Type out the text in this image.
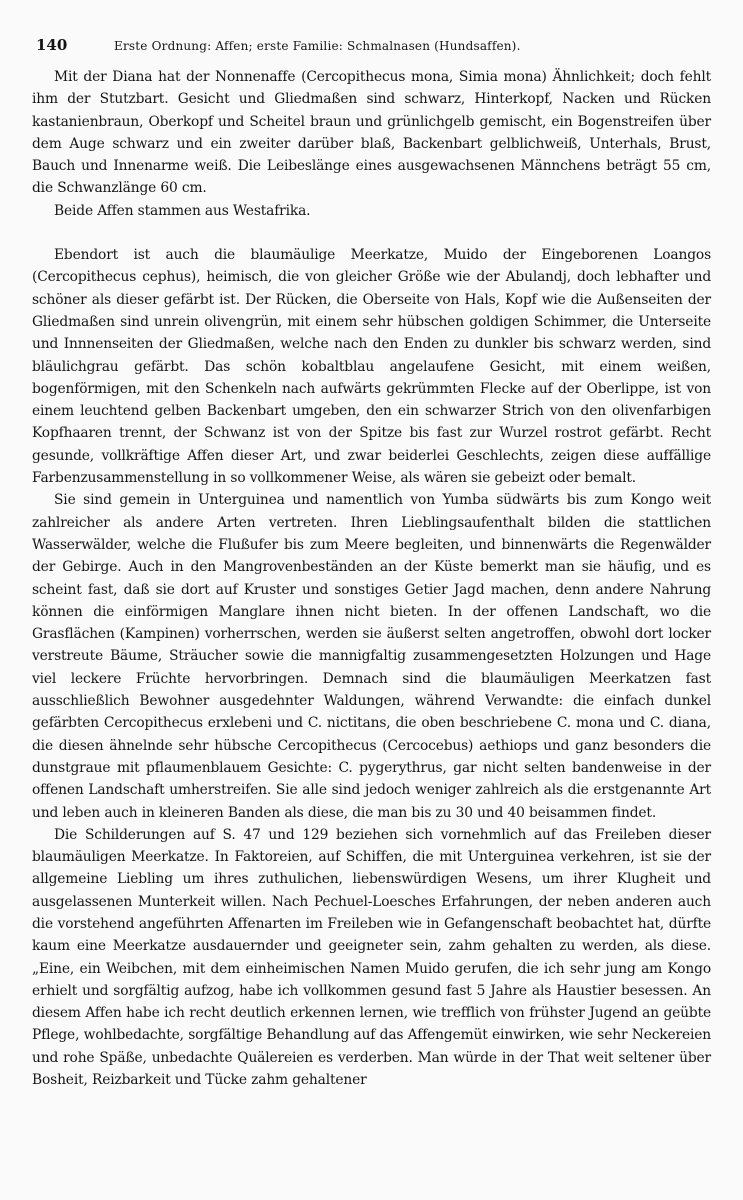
140	Erste Ordnung: Affen; erste Familie: Schmalnasen (Hundsaffen).

Mit der Diana hat der Nonnenaffe (Cercopithecus mona, Simia mona) Ähnlichkeit; doch fehlt ihm der Stutzbart. Gesicht und Gliedmaßen sind schwarz, Hinterkopf, Nacken und Rücken kastanienbraun, Oberkopf und Scheitel braun und grünlichgelb gemischt, ein Bogenstreifen über dem Auge schwarz und ein zweiter darüber blaß, Backenbart gelblichweiß, Unterhals, Brust, Bauch und Innenarme weiß. Die Leibeslänge eines ausgewachsenen Männchens beträgt 55 cm, die Schwanzlänge 60 cm.

Beide Affen stammen aus Westafrika.

Ebendort ist auch die blaumäulige Meerkatze, Muido der Eingeborenen Loangos (Cercopithecus cephus), heimisch, die von gleicher Größe wie der Abulandj, doch lebhafter und schöner als dieser gefärbt ist. Der Rücken, die Oberseite von Hals, Kopf wie die Außenseiten der Gliedmaßen sind unrein olivengrün, mit einem sehr hübschen goldigen Schimmer, die Unterseite und Innnenseiten der Gliedmaßen, welche nach den Enden zu dunkler bis schwarz werden, sind bläulichgrau gefärbt. Das schön kobaltblau angelaufene Gesicht, mit einem weißen, bogenförmigen, mit den Schenkeln nach aufwärts gekrümmten Flecke auf der Oberlippe, ist von einem leuchtend gelben Backenbart umgeben, den ein schwarzer Strich von den olivenfarbigen Kopfhaaren trennt, der Schwanz ist von der Spitze bis fast zur Wurzel rostrot gefärbt. Recht gesunde, vollkräftige Affen dieser Art, und zwar beiderlei Geschlechts, zeigen diese auffällige Farbenzusammenstellung in so vollkommener Weise, als wären sie gebeizt oder bemalt.

Sie sind gemein in Unterguinea und namentlich von Yumba südwärts bis zum Kongo weit zahlreicher als andere Arten vertreten. Ihren Lieblingsaufenthalt bilden die stattlichen Wasserwälder, welche die Flußufer bis zum Meere begleiten, und binnenwärts die Regenwälder der Gebirge. Auch in den Mangrovenbeständen an der Küste bemerkt man sie häufig, und es scheint fast, daß sie dort auf Kruster und sonstiges Getier Jagd machen, denn andere Nahrung können die einförmigen Manglare ihnen nicht bieten. In der offenen Landschaft, wo die Grasflächen (Kampinen) vorherrschen, werden sie äußerst selten angetroffen, obwohl dort locker verstreute Bäume, Sträucher sowie die mannigfaltig zusammengesetzten Holzungen und Hage viel leckere Früchte hervorbringen. Demnach sind die blaumäuligen Meerkatzen fast ausschließlich Bewohner ausgedehnter Waldungen, während Verwandte: die einfach dunkel gefärbten Cercopithecus erxlebeni und C. nictitans, die oben beschriebene C. mona und C. diana, die diesen ähnelnde sehr hübsche Cercopithecus (Cercocebus) aethiops und ganz besonders die dunstgraue mit pflaumenblauem Gesichte: C. pygerythrus, gar nicht selten bandenweise in der offenen Landschaft umherstreifen. Sie alle sind jedoch weniger zahlreich als die erstgenannte Art und leben auch in kleineren Banden als diese, die man bis zu 30 und 40 beisammen findet.

Die Schilderungen auf S. 47 und 129 beziehen sich vornehmlich auf das Freileben dieser blaumäuligen Meerkatze. In Faktoreien, auf Schiffen, die mit Unterguinea verkehren, ist sie der allgemeine Liebling um ihres zuthulichen, liebenswürdigen Wesens, um ihrer Klugheit und ausgelassenen Munterkeit willen. Nach Pechuel-Loesches Erfahrungen, der neben anderen auch die vorstehend angeführten Affenarten im Freileben wie in Gefangenschaft beobachtet hat, dürfte kaum eine Meerkatze ausdauernder und geeigneter sein, zahm gehalten zu werden, als diese. „Eine, ein Weibchen, mit dem einheimischen Namen Muido gerufen, die ich sehr jung am Kongo erhielt und sorgfältig aufzog, habe ich vollkommen gesund fast 5 Jahre als Haustier besessen. An diesem Affen habe ich recht deutlich erkennen lernen, wie trefflich von frühster Jugend an geübte Pflege, wohlbedachte, sorgfältige Behandlung auf das Affengemüt einwirken, wie sehr Neckereien und rohe Späße, unbedachte Quälereien es verderben. Man würde in der That weit seltener über Bosheit, Reizbarkeit und Tücke zahm gehaltener
